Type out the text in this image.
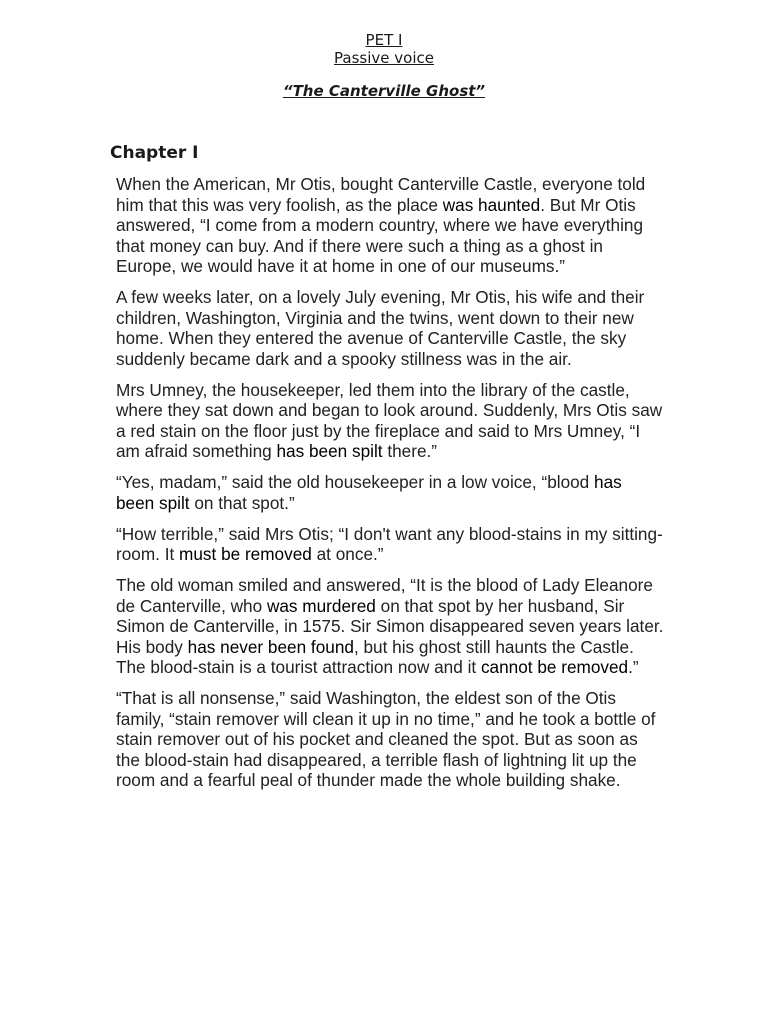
PET I
Passive voice
“The Canterville Ghost”
Chapter I

When the American, Mr Otis, bought Canterville Castle, everyone told him that this was very foolish, as the place was haunted. But Mr Otis answered, “I come from a modern country, where we have everything that money can buy. And if there were such a thing as a ghost in Europe, we would have it at home in one of our museums.”

A few weeks later, on a lovely July evening, Mr Otis, his wife and their children, Washington, Virginia and the twins, went down to their new home. When they entered the avenue of Canterville Castle, the sky suddenly became dark and a spooky stillness was in the air.

Mrs Umney, the housekeeper, led them into the library of the castle, where they sat down and began to look around. Suddenly, Mrs Otis saw a red stain on the floor just by the fireplace and said to Mrs Umney, “I am afraid something has been spilt there.”

“Yes, madam,” said the old housekeeper in a low voice, “blood has been spilt on that spot.”

“How terrible,” said Mrs Otis; “I don't want any blood-stains in my sitting-room. It must be removed at once.”

The old woman smiled and answered, “It is the blood of Lady Eleanore de Canterville, who was murdered on that spot by her husband, Sir Simon de Canterville, in 1575. Sir Simon disappeared seven years later. His body has never been found, but his ghost still haunts the Castle. The blood-stain is a tourist attraction now and it cannot be removed.”

“That is all nonsense,” said Washington, the eldest son of the Otis family, “stain remover will clean it up in no time,” and he took a bottle of stain remover out of his pocket and cleaned the spot. But as soon as the blood-stain had disappeared, a terrible flash of lightning lit up the room and a fearful peal of thunder made the whole building shake.
